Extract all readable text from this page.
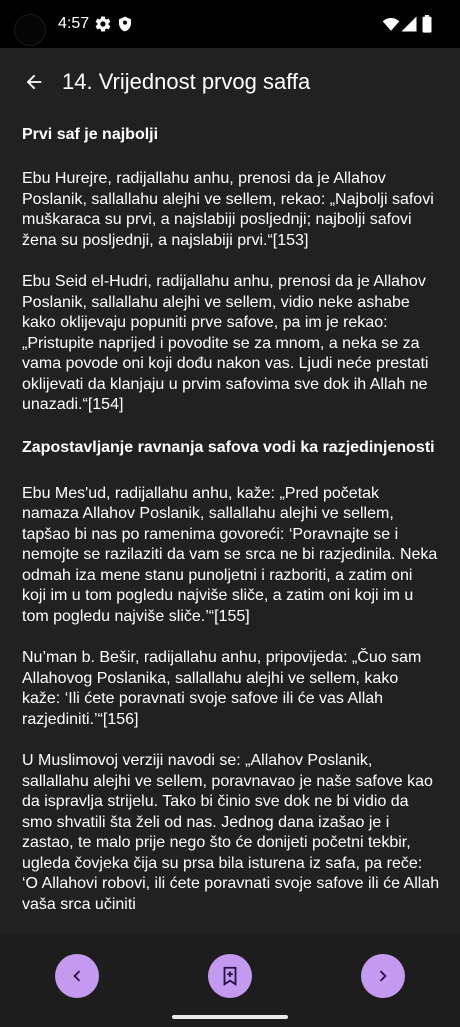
4:57
14. Vrijednost prvog saffa
Prvi saf je najbolji

Ebu Hurejre, radijallahu anhu, prenosi da je Allahov Poslanik, sallallahu alejhi ve sellem, rekao: „Najbolji safovi muškaraca su prvi, a najslabiji posljednji; najbolji safovi žena su posljednji, a najslabiji prvi.“[153]

Ebu Seid el-Hudri, radijallahu anhu, prenosi da je Allahov Poslanik, sallallahu alejhi ve sellem, vidio neke ashabe kako oklijevaju popuniti prve safove, pa im je rekao: „Pristupite naprijed i povodite se za mnom, a neka se za vama povode oni koji dođu nakon vas. Ljudi neće prestati oklijevati da klanjaju u prvim safovima sve dok ih Allah ne unazadi.“[154]

Zapostavljanje ravnanja safova vodi ka razjedinjenosti

Ebu Mes'ud, radijallahu anhu, kaže: „Pred početak namaza Allahov Poslanik, sallallahu alejhi ve sellem, tapšao bi nas po ramenima govoreći: ‘Poravnajte se i nemojte se razilaziti da vam se srca ne bi razjedinila. Neka odmah iza mene stanu punoljetni i razboriti, a zatim oni koji im u tom pogledu najviše sliče, a zatim oni koji im u tom pogledu najviše sliče.’“[155]

Nu’man b. Bešir, radijallahu anhu, pripovijeda: „Čuo sam Allahovog Poslanika, sallallahu alejhi ve sellem, kako kaže: ‘Ili ćete poravnati svoje safove ili će vas Allah razjediniti.’“[156]

U Muslimovoj verziji navodi se: „Allahov Poslanik, sallallahu alejhi ve sellem, poravnavao je naše safove kao da ispravlja strijelu. Tako bi činio sve dok ne bi vidio da smo shvatili šta želi od nas. Jednog dana izašao je i zastao, te malo prije nego što će donijeti početni tekbir, ugleda čovjeka čija su prsa bila isturena iz safa, pa reče: ‘O Allahovi robovi, ili ćete poravnati svoje safove ili će Allah vaša srca učiniti
